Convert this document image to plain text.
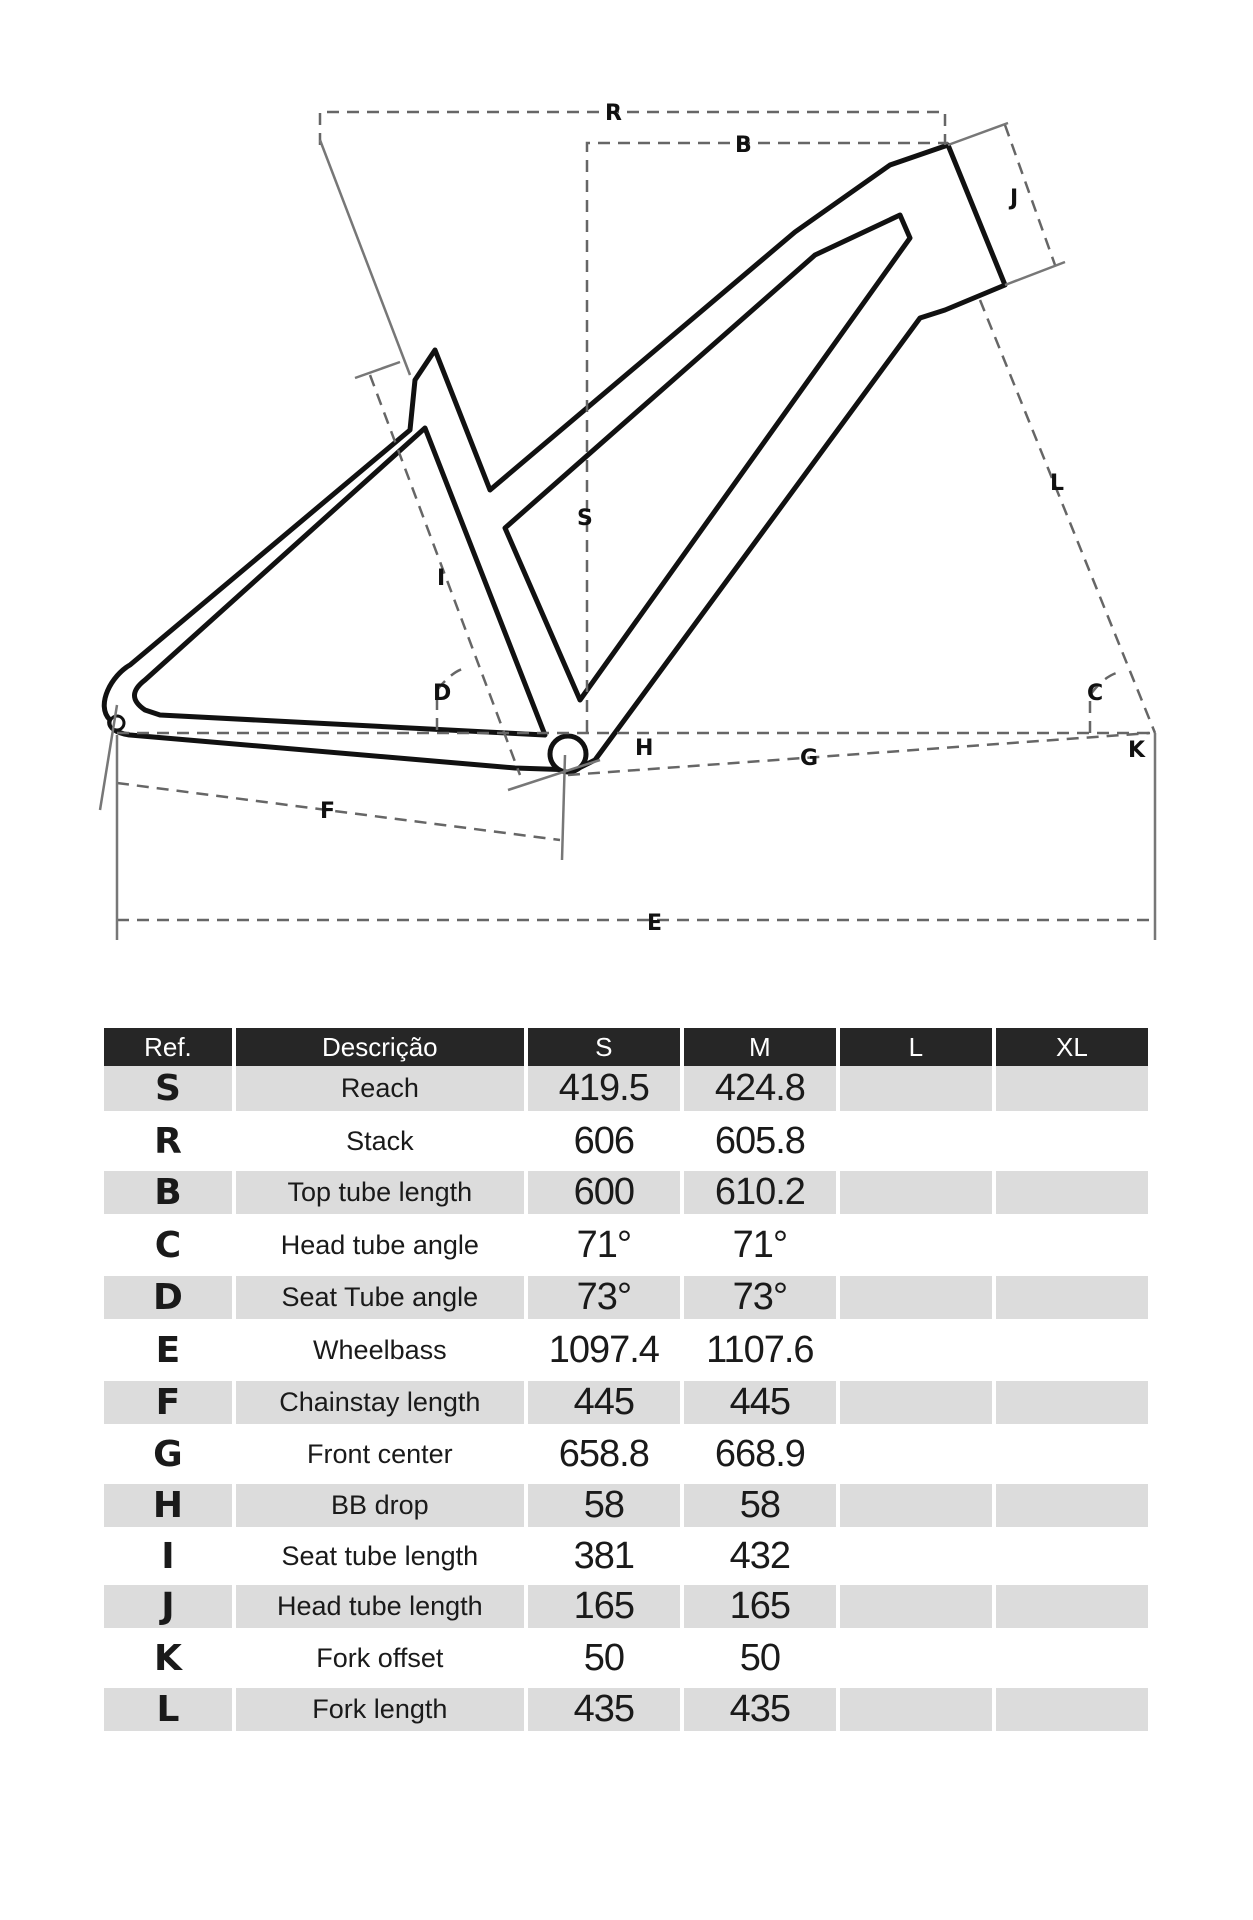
R
B
J
L
S
I
D	C
H	G	K
F
E
Ref.	Descrição	S	M	L	XL
S	Reach	419.5	424.8		
R	Stack	606	605.8		
B	Top tube length	600	610.2		
C	Head tube angle	71°	71°		
D	Seat Tube angle	73°	73°		
E	Wheelbass	1097.4	1107.6		
F	Chainstay length	445	445		
G	Front center	658.8	668.9		
H	BB drop	58	58		
I	Seat tube length	381	432		
J	Head tube length	165	165		
K	Fork offset	50	50		
L	Fork length	435	435		
